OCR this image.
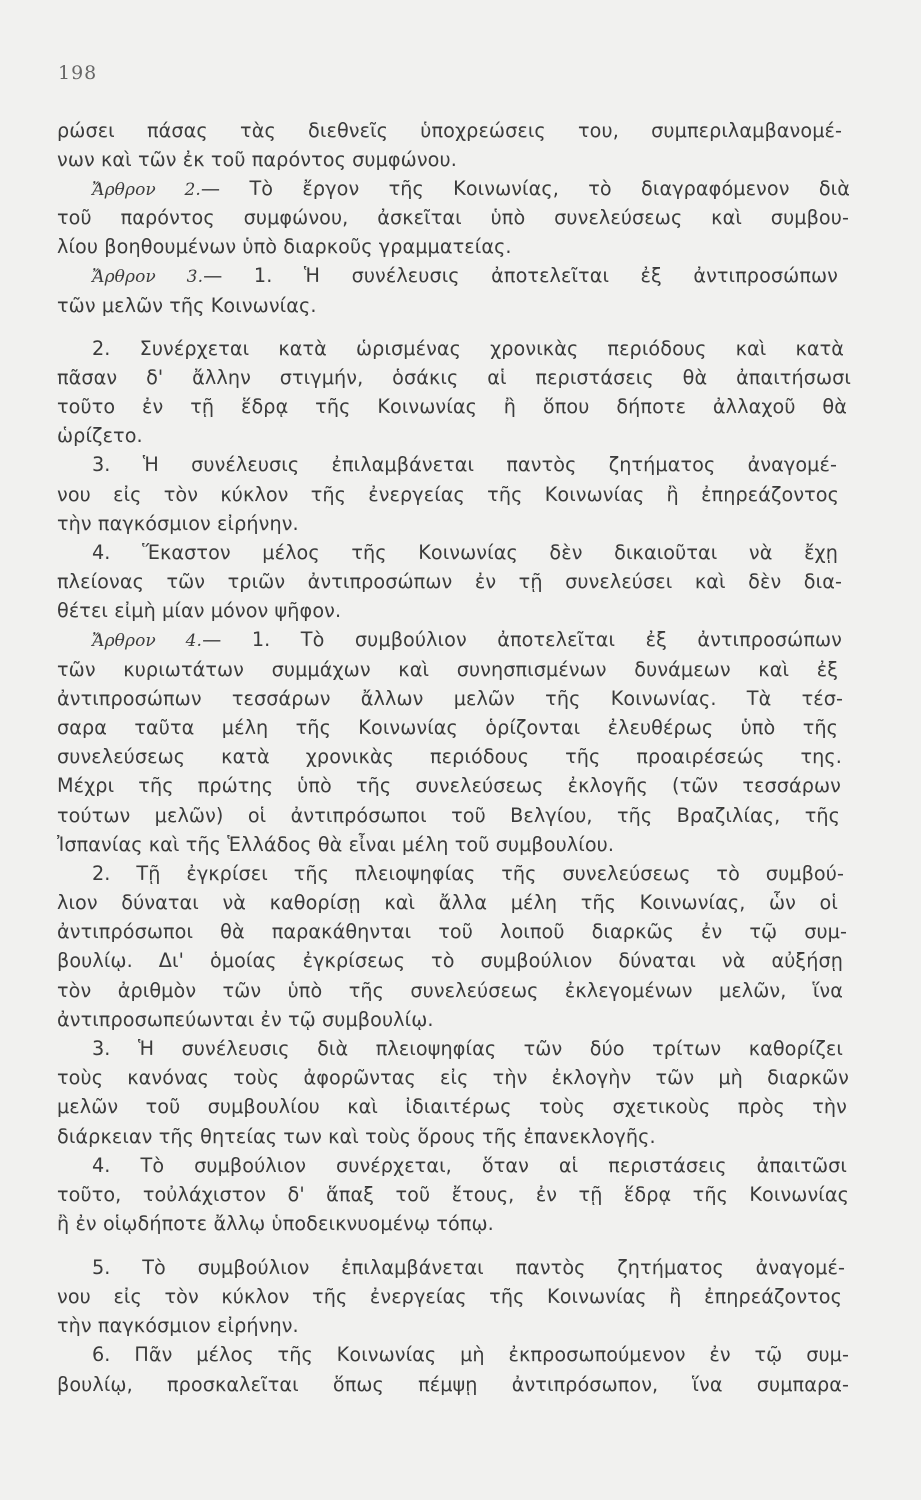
198
ρώσει πάσας τὰς διεθνεῖς ὑποχρεώσεις του, συμπεριλαμβανομέ-
νων καὶ τῶν ἐκ τοῦ παρόντος συμφώνου.
Ἄρθρον 2.— Τὸ ἔργον τῆς Κοινωνίας, τὸ διαγραφόμενον διὰ
τοῦ παρόντος συμφώνου, ἀσκεῖται ὑπὸ συνελεύσεως καὶ συμβου-
λίου βοηθουμένων ὑπὸ διαρκοῦς γραμματείας.
Ἄρθρον 3.— 1. Ἡ συνέλευσις ἀποτελεῖται ἐξ ἀντιπροσώπων
τῶν μελῶν τῆς Κοινωνίας.
2. Συνέρχεται κατὰ ὡρισμένας χρονικὰς περιόδους καὶ κατὰ
πᾶσαν δ' ἄλλην στιγμήν, ὁσάκις αἱ περιστάσεις θὰ ἀπαιτήσωσι
τοῦτο ἐν τῇ ἕδρᾳ τῆς Κοινωνίας ἢ ὅπου δήποτε ἀλλαχοῦ θὰ
ὡρίζετο.
3. Ἡ συνέλευσις ἐπιλαμβάνεται παντὸς ζητήματος ἀναγομέ-
νου εἰς τὸν κύκλον τῆς ἐνεργείας τῆς Κοινωνίας ἢ ἐπηρεάζοντος
τὴν παγκόσμιον εἰρήνην.
4. Ἕκαστον μέλος τῆς Κοινωνίας δὲν δικαιοῦται νὰ ἔχῃ
πλείονας τῶν τριῶν ἀντιπροσώπων ἐν τῇ συνελεύσει καὶ δὲν δια-
θέτει εἰμὴ μίαν μόνον ψῆφον.
Ἄρθρον 4.— 1. Τὸ συμβούλιον ἀποτελεῖται ἐξ ἀντιπροσώπων
τῶν κυριωτάτων συμμάχων καὶ συνησπισμένων δυνάμεων καὶ ἐξ
ἀντιπροσώπων τεσσάρων ἄλλων μελῶν τῆς Κοινωνίας. Τὰ τέσ-
σαρα ταῦτα μέλη τῆς Κοινωνίας ὁρίζονται ἐλευθέρως ὑπὸ τῆς
συνελεύσεως κατὰ χρονικὰς περιόδους τῆς προαιρέσεώς της.
Μέχρι τῆς πρώτης ὑπὸ τῆς συνελεύσεως ἐκλογῆς (τῶν τεσσάρων
τούτων μελῶν) οἱ ἀντιπρόσωποι τοῦ Βελγίου, τῆς Βραζιλίας, τῆς
Ἰσπανίας καὶ τῆς Ἑλλάδος θὰ εἶναι μέλη τοῦ συμβουλίου.
2. Τῇ ἐγκρίσει τῆς πλειοψηφίας τῆς συνελεύσεως τὸ συμβού-
λιον δύναται νὰ καθορίσῃ καὶ ἄλλα μέλη τῆς Κοινωνίας, ὧν οἱ
ἀντιπρόσωποι θὰ παρακάθηνται τοῦ λοιποῦ διαρκῶς ἐν τῷ συμ-
βουλίῳ. Δι' ὁμοίας ἐγκρίσεως τὸ συμβούλιον δύναται νὰ αὐξήσῃ
τὸν ἀριθμὸν τῶν ὑπὸ τῆς συνελεύσεως ἐκλεγομένων μελῶν, ἵνα
ἀντιπροσωπεύωνται ἐν τῷ συμβουλίῳ.
3. Ἡ συνέλευσις διὰ πλειοψηφίας τῶν δύο τρίτων καθορίζει
τοὺς κανόνας τοὺς ἀφορῶντας εἰς τὴν ἐκλογὴν τῶν μὴ διαρκῶν
μελῶν τοῦ συμβουλίου καὶ ἰδιαιτέρως τοὺς σχετικοὺς πρὸς τὴν
διάρκειαν τῆς θητείας των καὶ τοὺς ὅρους τῆς ἐπανεκλογῆς.
4. Τὸ συμβούλιον συνέρχεται, ὅταν αἱ περιστάσεις ἀπαιτῶσι
τοῦτο, τοὐλάχιστον δ' ἅπαξ τοῦ ἔτους, ἐν τῇ ἕδρᾳ τῆς Κοινωνίας
ἢ ἐν οἱῳδήποτε ἄλλῳ ὑποδεικνυομένῳ τόπῳ.
5. Τὸ συμβούλιον ἐπιλαμβάνεται παντὸς ζητήματος ἀναγομέ-
νου εἰς τὸν κύκλον τῆς ἐνεργείας τῆς Κοινωνίας ἢ ἐπηρεάζοντος
τὴν παγκόσμιον εἰρήνην.
6. Πᾶν μέλος τῆς Κοινωνίας μὴ ἐκπροσωπούμενον ἐν τῷ συμ-
βουλίῳ, προσκαλεῖται ὅπως πέμψῃ ἀντιπρόσωπον, ἵνα συμπαρα-
